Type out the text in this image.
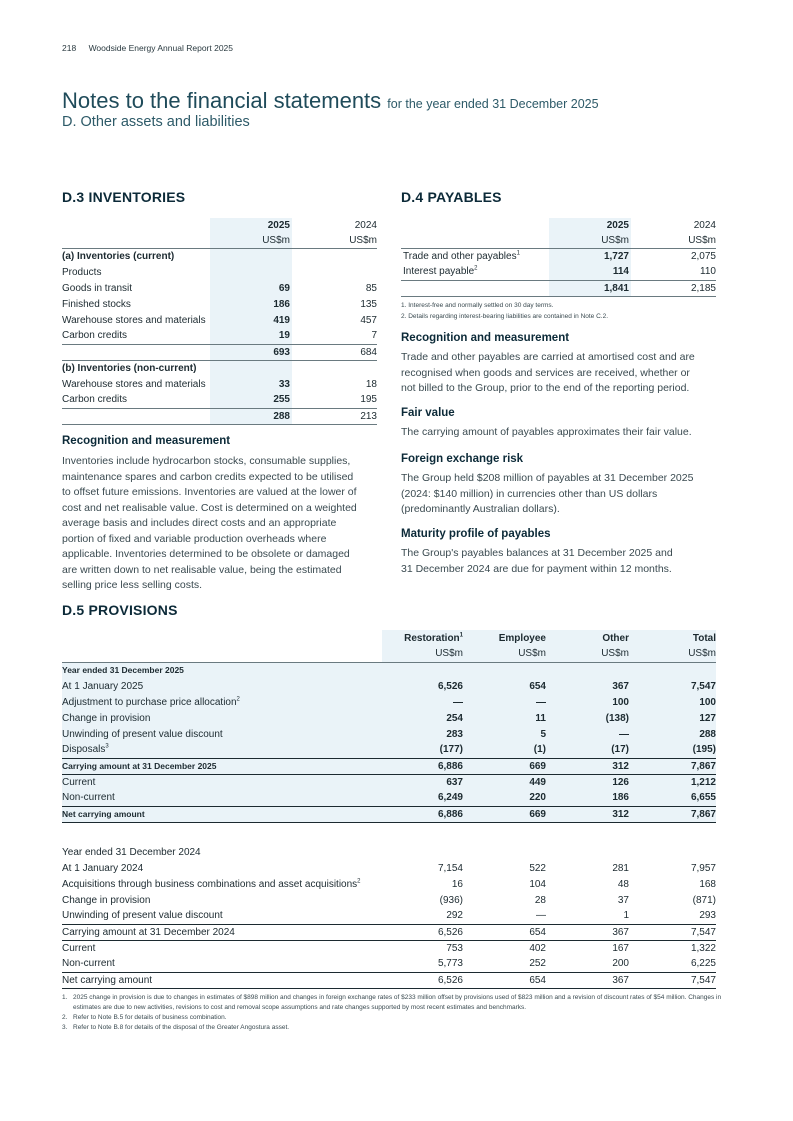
218 Woodside Energy Annual Report 2025
Notes to the financial statements for the year ended 31 December 2025
D. Other assets and liabilities
D.3 INVENTORIES
	2025	2024
	US$m	US$m
(a) Inventories (current)		
Products		
Goods in transit	69	85
Finished stocks	186	135
Warehouse stores and materials	419	457
Carbon credits	19	7
	693	684
(b) Inventories (non-current)		
Warehouse stores and materials	33	18
Carbon credits	255	195
	288	213
Recognition and measurement
Inventories include hydrocarbon stocks, consumable supplies,
maintenance spares and carbon credits expected to be utilised
to offset future emissions. Inventories are valued at the lower of
cost and net realisable value. Cost is determined on a weighted
average basis and includes direct costs and an appropriate
portion of fixed and variable production overheads where
applicable. Inventories determined to be obsolete or damaged
are written down to net realisable value, being the estimated
selling price less selling costs.
D.4 PAYABLES
	2025	2024
	US$m	US$m
Trade and other payables$^1$	1,727	2,075
Interest payable$^2$	114	110
	1,841	2,185
1. Interest-free and normally settled on 30 day terms.
2. Details regarding interest-bearing liabilities are contained in Note C.2.
Recognition and measurement
Trade and other payables are carried at amortised cost and are
recognised when goods and services are received, whether or
not billed to the Group, prior to the end of the reporting period.
Fair value
The carrying amount of payables approximates their fair value.
Foreign exchange risk
The Group held $208 million of payables at 31 December 2025
(2024: $140 million) in currencies other than US dollars
(predominantly Australian dollars).
Maturity profile of payables
The Group's payables balances at 31 December 2025 and
31 December 2024 are due for payment within 12 months.
D.5 PROVISIONS
	Restoration$^1$	Employee	Other	Total
	US$m	US$m	US$m	US$m
Year ended 31 December 2025				
At 1 January 2025	6,526	654	367	7,547
Adjustment to purchase price allocation$^2$	—	—	100	100
Change in provision	254	11	(138)	127
Unwinding of present value discount	283	5	—	288
Disposals$^3$	(177)	(1)	(17)	(195)
Carrying amount at 31 December 2025	6,886	669	312	7,867
Current	637	449	126	1,212
Non-current	6,249	220	186	6,655
Net carrying amount	6,886	669	312	7,867

Year ended 31 December 2024				
At 1 January 2024	7,154	522	281	7,957
Acquisitions through business combinations and asset acquisitions$^2$	16	104	48	168
Change in provision	(936)	28	37	(871)
Unwinding of present value discount	292	—	1	293
Carrying amount at 31 December 2024	6,526	654	367	7,547
Current	753	402	167	1,322
Non-current	5,773	252	200	6,225
Net carrying amount	6,526	654	367	7,547
1. 2025 change in provision is due to changes in estimates of $898 million and changes in foreign exchange rates of $233 million offset by provisions used of $823 million and a revision of discount rates of $54 million. Changes in estimates are due to new activities, revisions to cost and removal scope assumptions and rate changes supported by most recent estimates and benchmarks.
2. Refer to Note B.5 for details of business combination.
3. Refer to Note B.8 for details of the disposal of the Greater Angostura asset.
